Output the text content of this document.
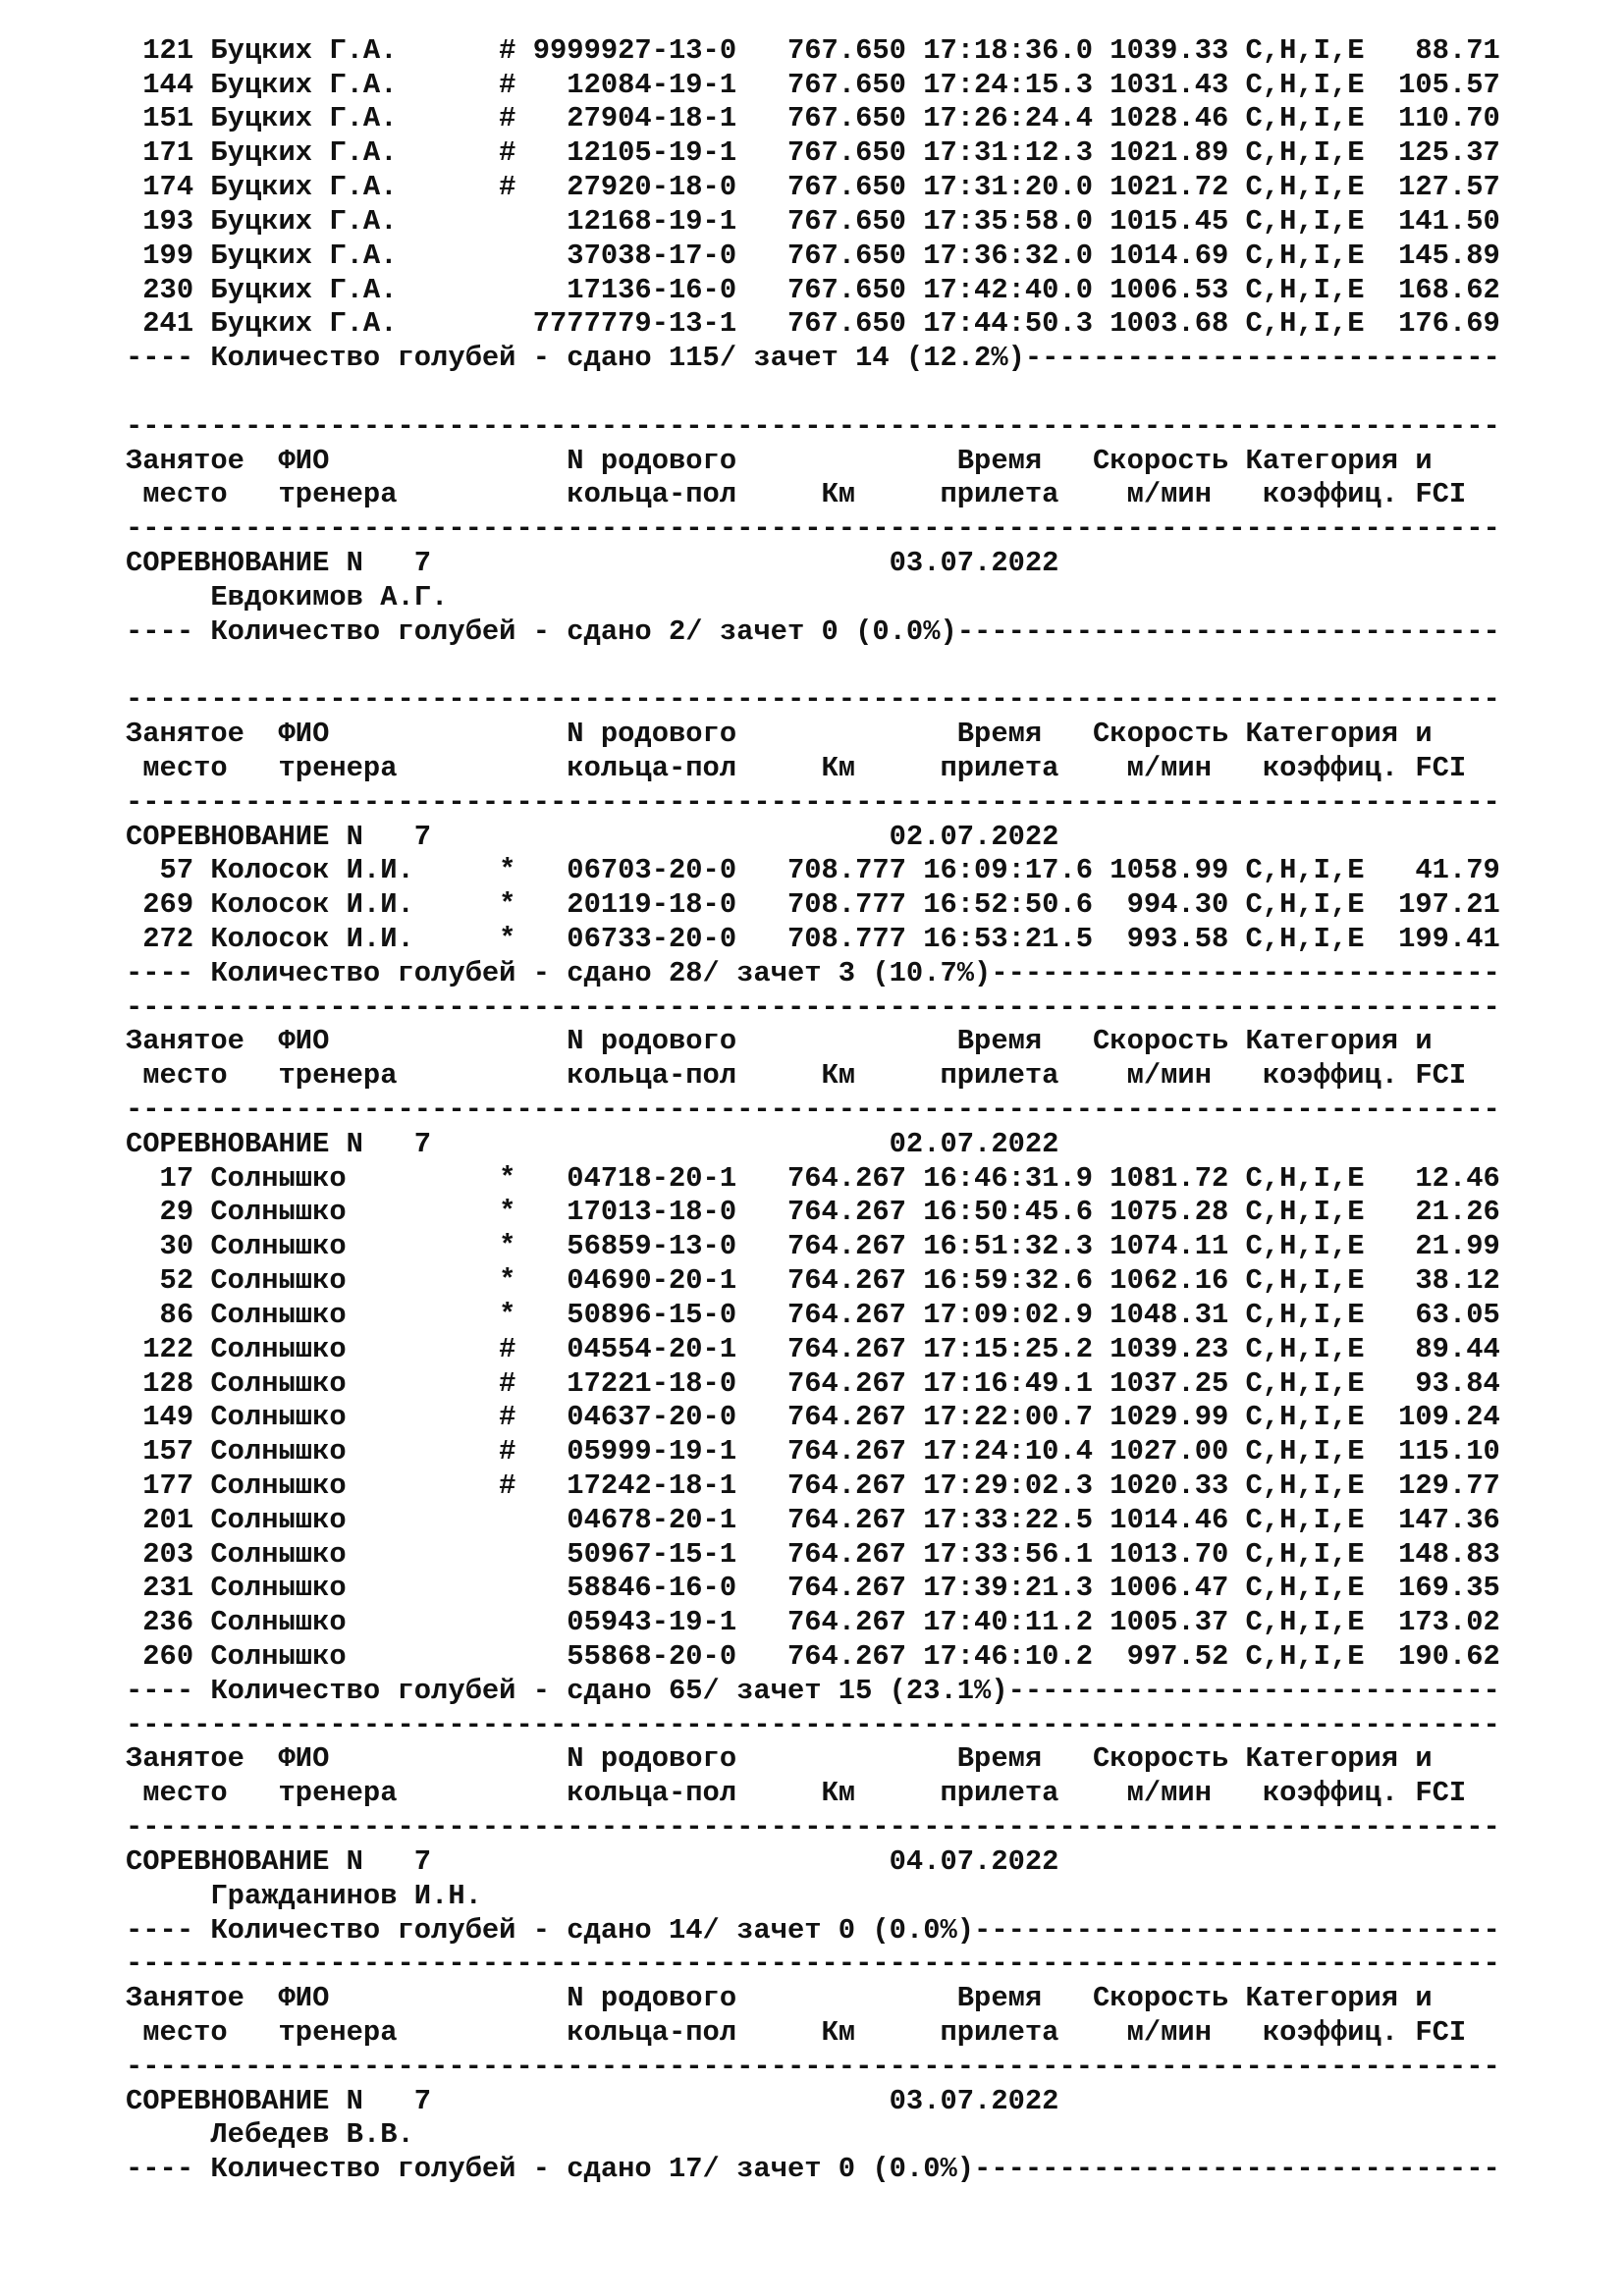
121 Буцких Г.А.      # 9999927-13-0   767.650 17:18:36.0 1039.33 C,H,I,E   88.71
144 Буцких Г.А.      #   12084-19-1   767.650 17:24:15.3 1031.43 C,H,I,E  105.57
151 Буцких Г.А.      #   27904-18-1   767.650 17:26:24.4 1028.46 C,H,I,E  110.70
171 Буцких Г.А.      #   12105-19-1   767.650 17:31:12.3 1021.89 C,H,I,E  125.37
174 Буцких Г.А.      #   27920-18-0   767.650 17:31:20.0 1021.72 C,H,I,E  127.57
193 Буцких Г.А.          12168-19-1   767.650 17:35:58.0 1015.45 C,H,I,E  141.50
199 Буцких Г.А.          37038-17-0   767.650 17:36:32.0 1014.69 C,H,I,E  145.89
230 Буцких Г.А.          17136-16-0   767.650 17:42:40.0 1006.53 C,H,I,E  168.62
241 Буцких Г.А.        7777779-13-1   767.650 17:44:50.3 1003.68 C,H,I,E  176.69
---- Количество голубей - сдано 115/ зачет 14 (12.2%)----------------------------

---------------------------------------------------------------------------------
Занятое  ФИО              N родового             Время   Скорость Категория и
место   тренера          кольца-пол     Км     прилета    м/мин   коэффиц. FCI
---------------------------------------------------------------------------------
СОРЕВНОВАНИЕ N   7                           03.07.2022
Евдокимов А.Г.
---- Количество голубей - сдано 2/ зачет 0 (0.0%)--------------------------------

---------------------------------------------------------------------------------
Занятое  ФИО              N родового             Время   Скорость Категория и
место   тренера          кольца-пол     Км     прилета    м/мин   коэффиц. FCI
---------------------------------------------------------------------------------
СОРЕВНОВАНИЕ N   7                           02.07.2022
57 Колосок И.И.     *   06703-20-0   708.777 16:09:17.6 1058.99 C,H,I,E   41.79
269 Колосок И.И.     *   20119-18-0   708.777 16:52:50.6  994.30 C,H,I,E  197.21
272 Колосок И.И.     *   06733-20-0   708.777 16:53:21.5  993.58 C,H,I,E  199.41
---- Количество голубей - сдано 28/ зачет 3 (10.7%)------------------------------
---------------------------------------------------------------------------------
Занятое  ФИО              N родового             Время   Скорость Категория и
место   тренера          кольца-пол     Км     прилета    м/мин   коэффиц. FCI
---------------------------------------------------------------------------------
СОРЕВНОВАНИЕ N   7                           02.07.2022
17 Солнышко         *   04718-20-1   764.267 16:46:31.9 1081.72 C,H,I,E   12.46
29 Солнышко         *   17013-18-0   764.267 16:50:45.6 1075.28 C,H,I,E   21.26
30 Солнышко         *   56859-13-0   764.267 16:51:32.3 1074.11 C,H,I,E   21.99
52 Солнышко         *   04690-20-1   764.267 16:59:32.6 1062.16 C,H,I,E   38.12
86 Солнышко         *   50896-15-0   764.267 17:09:02.9 1048.31 C,H,I,E   63.05
122 Солнышко         #   04554-20-1   764.267 17:15:25.2 1039.23 C,H,I,E   89.44
128 Солнышко         #   17221-18-0   764.267 17:16:49.1 1037.25 C,H,I,E   93.84
149 Солнышко         #   04637-20-0   764.267 17:22:00.7 1029.99 C,H,I,E  109.24
157 Солнышко         #   05999-19-1   764.267 17:24:10.4 1027.00 C,H,I,E  115.10
177 Солнышко         #   17242-18-1   764.267 17:29:02.3 1020.33 C,H,I,E  129.77
201 Солнышко             04678-20-1   764.267 17:33:22.5 1014.46 C,H,I,E  147.36
203 Солнышко             50967-15-1   764.267 17:33:56.1 1013.70 C,H,I,E  148.83
231 Солнышко             58846-16-0   764.267 17:39:21.3 1006.47 C,H,I,E  169.35
236 Солнышко             05943-19-1   764.267 17:40:11.2 1005.37 C,H,I,E  173.02
260 Солнышко             55868-20-0   764.267 17:46:10.2  997.52 C,H,I,E  190.62
---- Количество голубей - сдано 65/ зачет 15 (23.1%)-----------------------------
---------------------------------------------------------------------------------
Занятое  ФИО              N родового             Время   Скорость Категория и
место   тренера          кольца-пол     Км     прилета    м/мин   коэффиц. FCI
---------------------------------------------------------------------------------
СОРЕВНОВАНИЕ N   7                           04.07.2022
Гражданинов И.Н.
---- Количество голубей - сдано 14/ зачет 0 (0.0%)-------------------------------
---------------------------------------------------------------------------------
Занятое  ФИО              N родового             Время   Скорость Категория и
место   тренера          кольца-пол     Км     прилета    м/мин   коэффиц. FCI
---------------------------------------------------------------------------------
СОРЕВНОВАНИЕ N   7                           03.07.2022
Лебедев В.В.
---- Количество голубей - сдано 17/ зачет 0 (0.0%)-------------------------------
